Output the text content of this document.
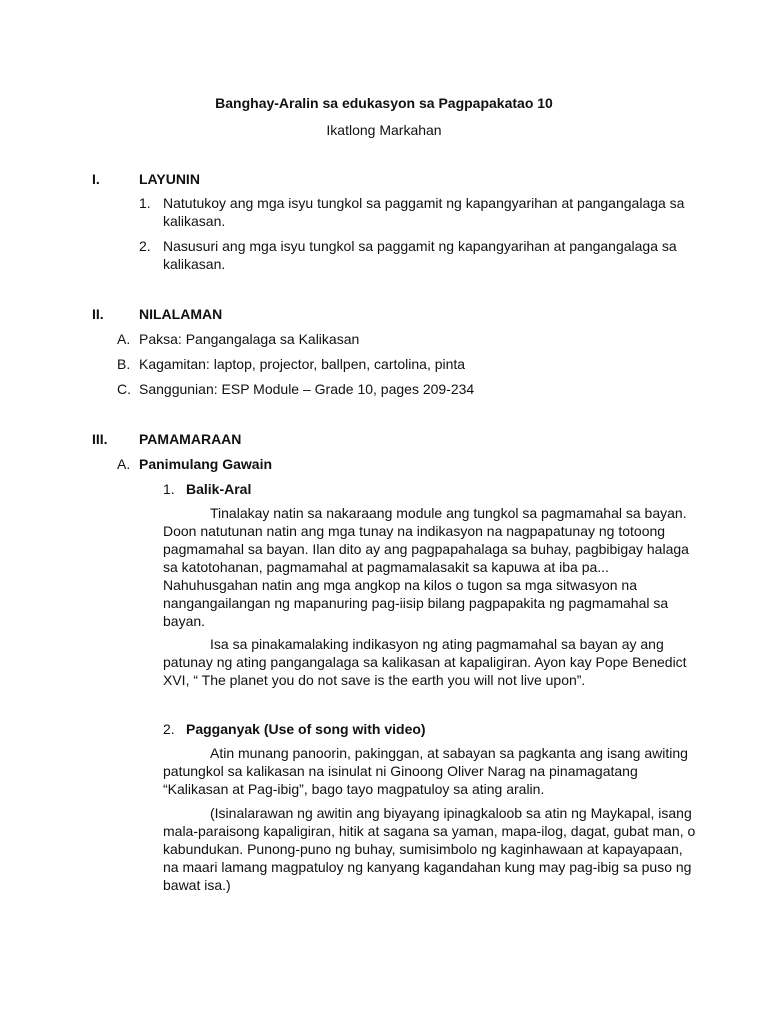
Banghay-Aralin sa edukasyon sa Pagpapakatao 10
Ikatlong Markahan
I.	LAYUNIN
1. Natutukoy ang mga isyu tungkol sa paggamit ng kapangyarihan at pangangalaga sa kalikasan.
2. Nasusuri ang mga isyu tungkol sa paggamit ng kapangyarihan at pangangalaga sa kalikasan.
II.	NILALAMAN
A. Paksa: Pangangalaga sa Kalikasan
B. Kagamitan: laptop, projector, ballpen, cartolina, pinta
C. Sanggunian: ESP Module – Grade 10, pages 209-234
III. PAMAMARAAN
A. Panimulang Gawain
1. Balik-Aral

Tinalakay natin sa nakaraang module ang tungkol sa pagmamahal sa bayan. Doon natutunan natin ang mga tunay na indikasyon na nagpapatunay ng totoong pagmamahal sa bayan. Ilan dito ay ang pagpapahalaga sa buhay, pagbibigay halaga sa katotohanan, pagmamahal at pagmamalasakit sa kapuwa at iba pa... Nahuhusgahan natin ang mga angkop na kilos o tugon sa mga sitwasyon na nangangailangan ng mapanuring pag-iisip bilang pagpapakita ng pagmamahal sa bayan.

Isa sa pinakamalaking indikasyon ng ating pagmamahal sa bayan ay ang patunay ng ating pangangalaga sa kalikasan at kapaligiran. Ayon kay Pope Benedict XVI, “ The planet you do not save is the earth you will not live upon”.

2. Pagganyak (Use of song with video)

Atin munang panoorin, pakinggan, at sabayan sa pagkanta ang isang awiting patungkol sa kalikasan na isinulat ni Ginoong Oliver Narag na pinamagatang “Kalikasan at Pag-ibig”, bago tayo magpatuloy sa ating aralin.

(Isinalarawan ng awitin ang biyayang ipinagkaloob sa atin ng Maykapal, isang mala-paraisong kapaligiran, hitik at sagana sa yaman, mapa-ilog, dagat, gubat man, o kabundukan. Punong-puno ng buhay, sumisimbolo ng kaginhawaan at kapayapaan, na maari lamang magpatuloy ng kanyang kagandahan kung may pag-ibig sa puso ng bawat isa.)
